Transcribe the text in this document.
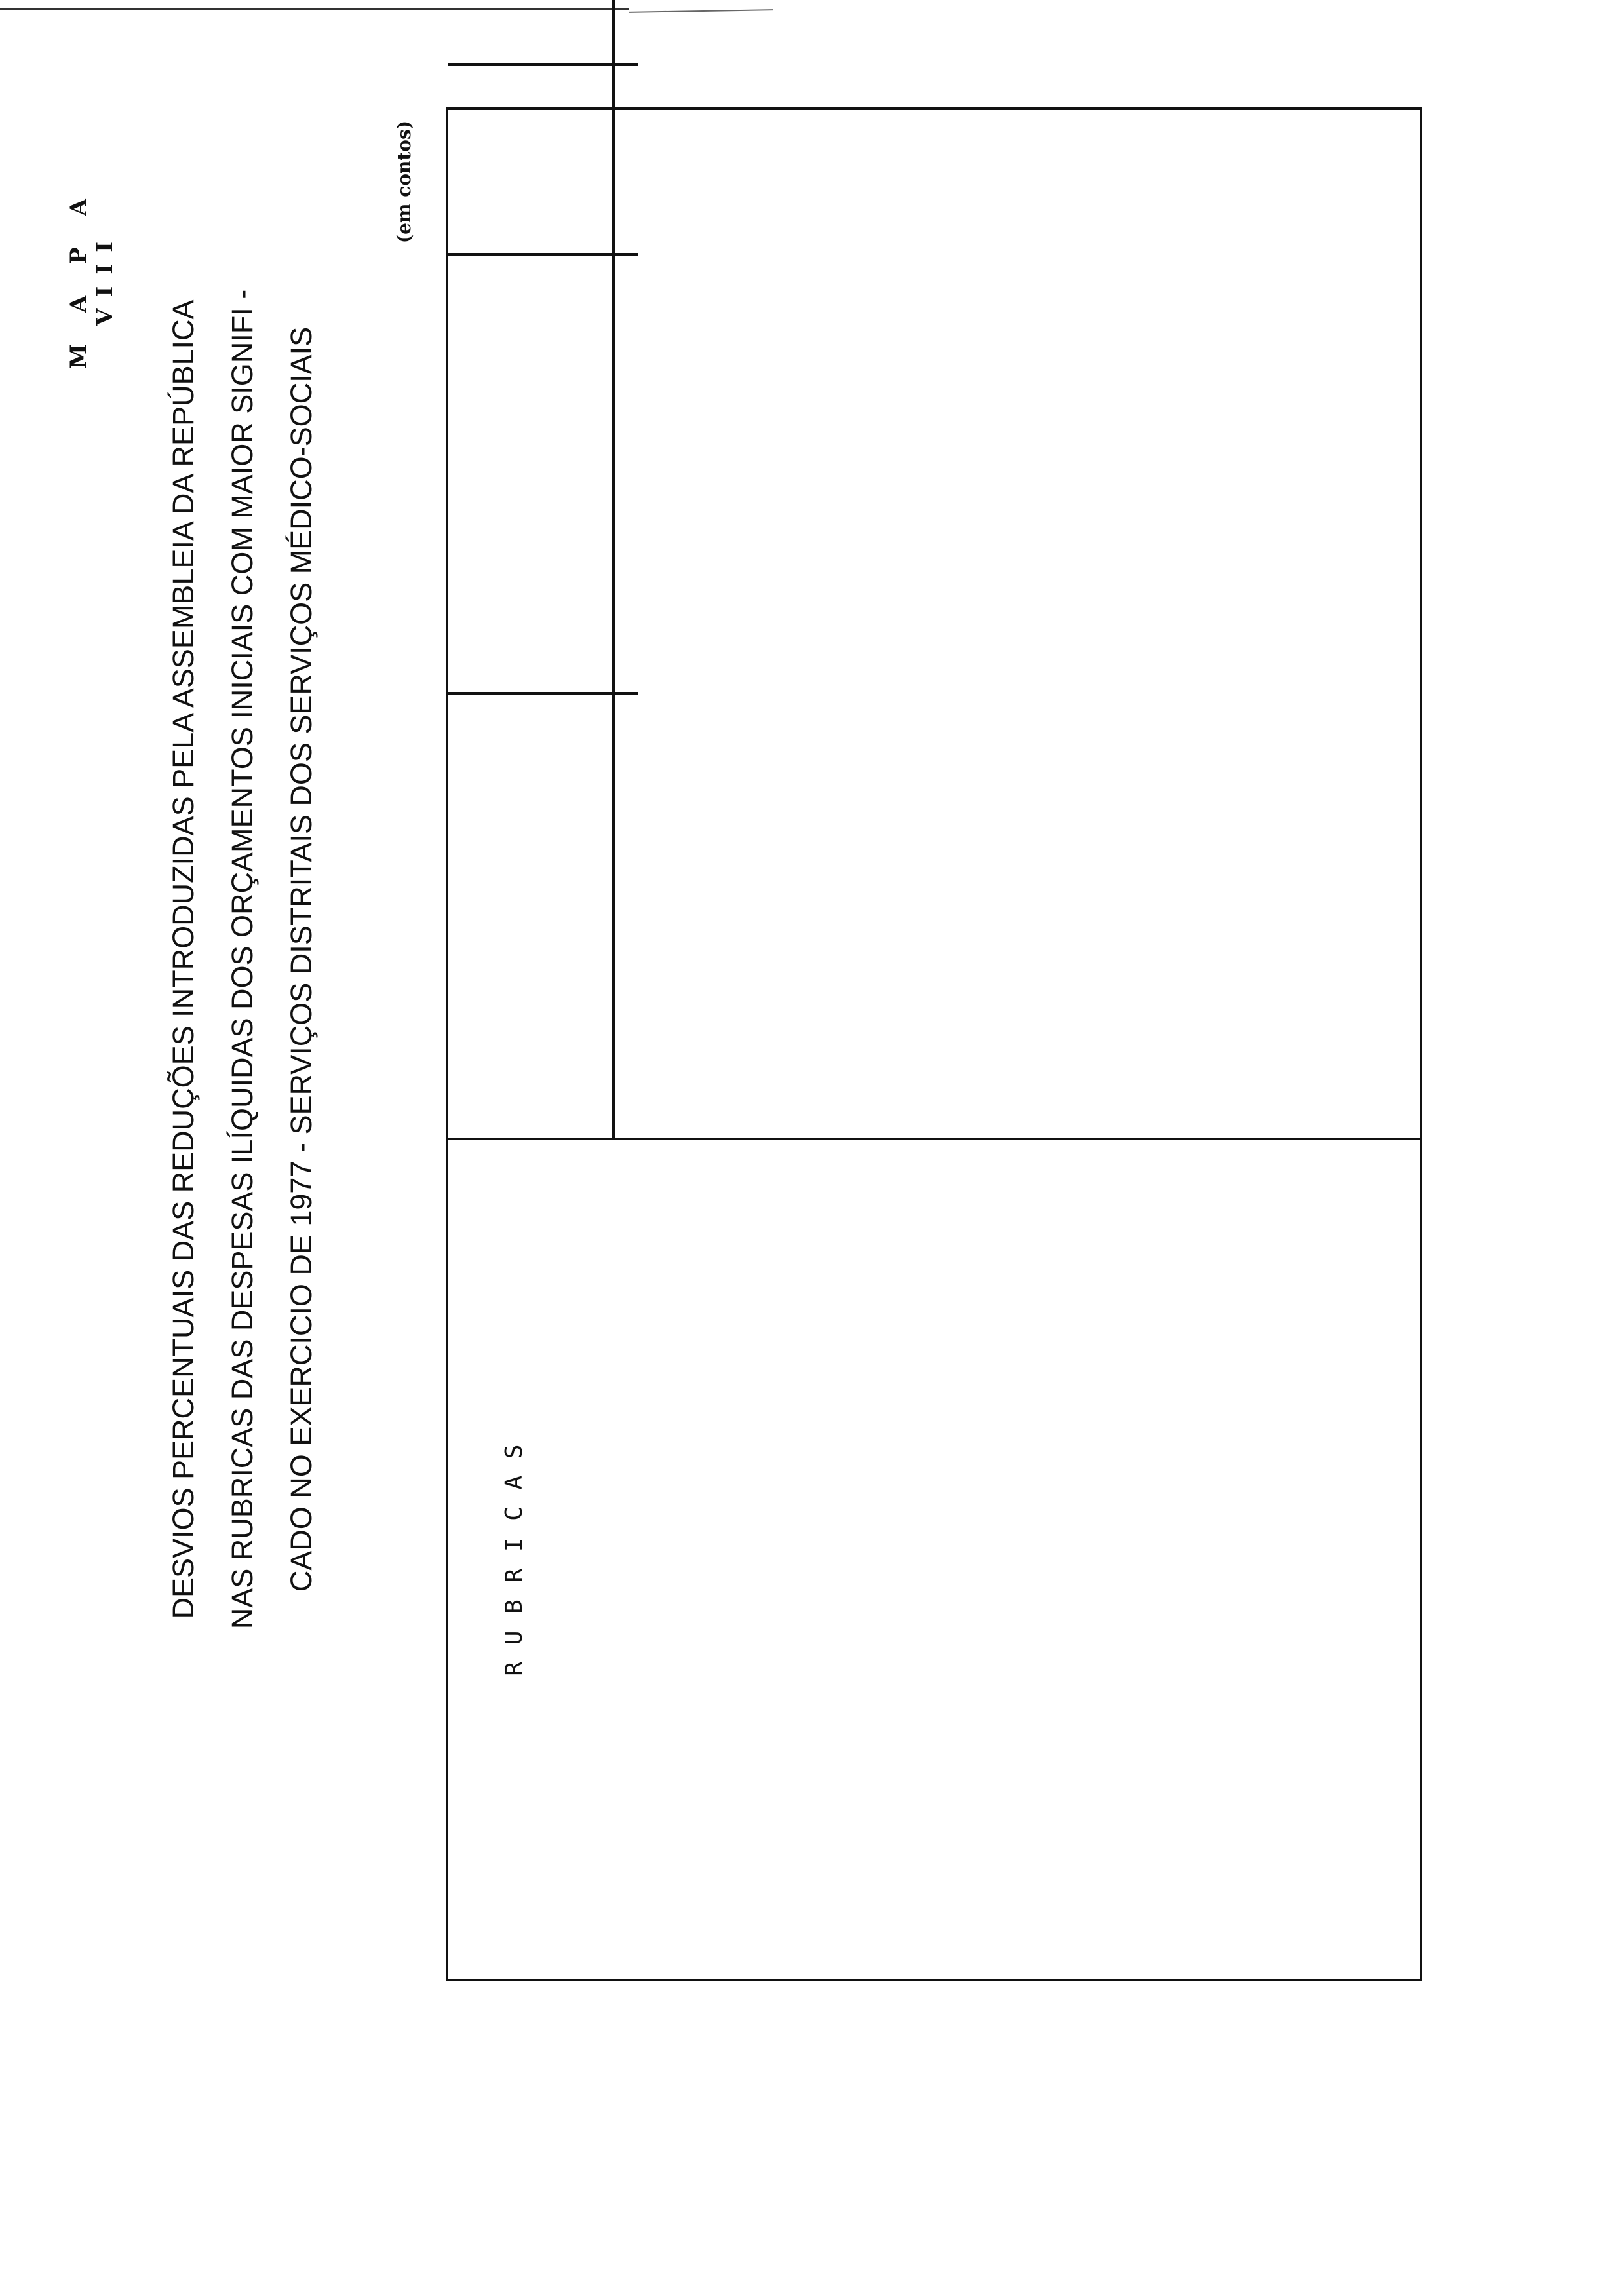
M A P A VIII
DESVIOS PERCENTUAIS DAS REDUÇÕES INTRODUZIDAS PELA ASSEMBLEIA DA REPÚBLICA NAS RUBRICAS DAS DESPESAS ILÍQUIDAS DOS ORÇAMENTOS INICIAIS COM MAIOR SIGNIFI - CADO NO EXERCICIO DE 1977 - SERVIÇOS DISTRITAIS DOS SERVIÇOS MÉDICO-SOCIAIS
(em contos)
R U B R I C A S
